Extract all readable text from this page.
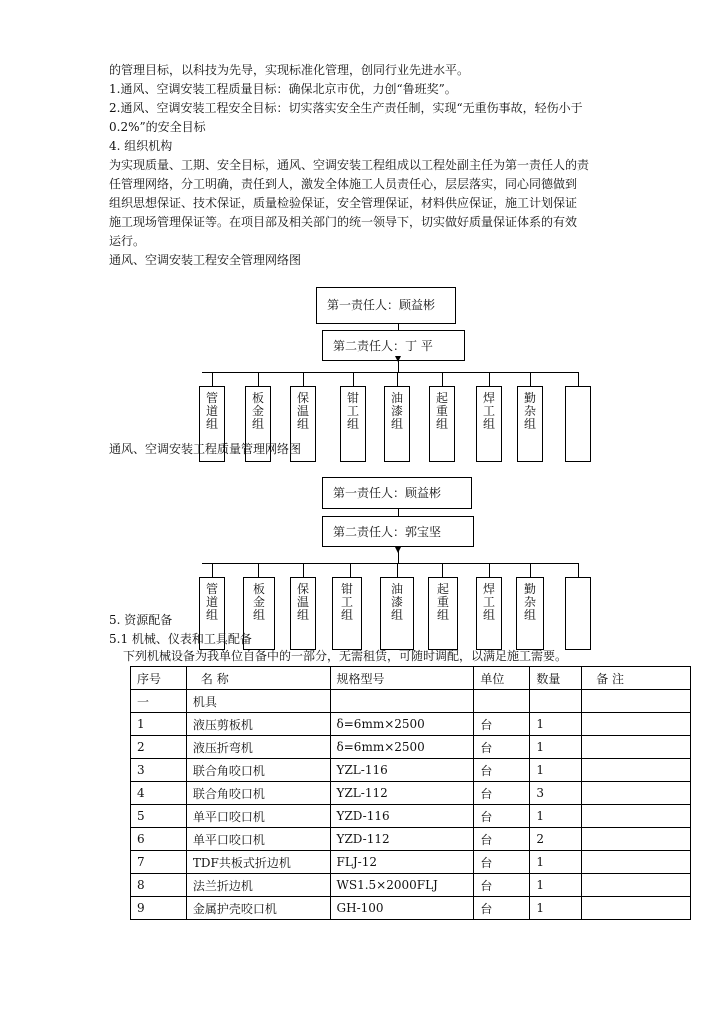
的管理目标，以科技为先导，实现标准化管理，创同行业先进水平。

1.通风、空调安装工程质量目标：确保北京市优，力创“鲁班奖”。

2.通风、空调安装工程安全目标：切实落实安全生产责任制，实现“无重伤事故，轻伤小于

0.2%”的安全目标

4. 组织机构

为实现质量、工期、安全目标，通风、空调安装工程组成以工程处副主任为第一责任人的责

任管理网络，分工明确，责任到人，激发全体施工人员责任心，层层落实，同心同德做到

组织思想保证、技术保证，质量检验保证，安全管理保证，材料供应保证，施工计划保证

施工现场管理保证等。在项目部及相关部门的统一领导下，切实做好质量保证体系的有效

运行。

通风、空调安装工程安全管理网络图

第一责任人：顾益彬
第二责任人：丁 平
管
道
组
板
金
组
保
温
组
钳
工
组
油
漆
组
起
重
组
焊
工
组
勤
杂
组

通风、空调安装工程质量管理网络图

第一责任人：顾益彬
第二责任人：郭宝坚
管
道
组
板
金
组
保
温
组
钳
工
组
油
漆
组
起
重
组
焊
工
组
勤
杂
组

5. 资源配备

5.1 机械、仪表和工具配备

下列机械设备为我单位自备中的一部分，无需租赁，可随时调配，以满足施工需要。

序号	名 称	规格型号	单位	数量	备 注
一	机具				
1	液压剪板机	δ=6mm×2500	台	1	
2	液压折弯机	δ=6mm×2500	台	1	
3	联合角咬口机	YZL-116	台	1	
4	联合角咬口机	YZL-112	台	3	
5	单平口咬口机	YZD-116	台	1	
6	单平口咬口机	YZD-112	台	2	
7	TDF共板式折边机	FLJ-12	台	1	
8	法兰折边机	WS1.5×2000FLJ	台	1	
9	金属护壳咬口机	GH-100	台	1	
